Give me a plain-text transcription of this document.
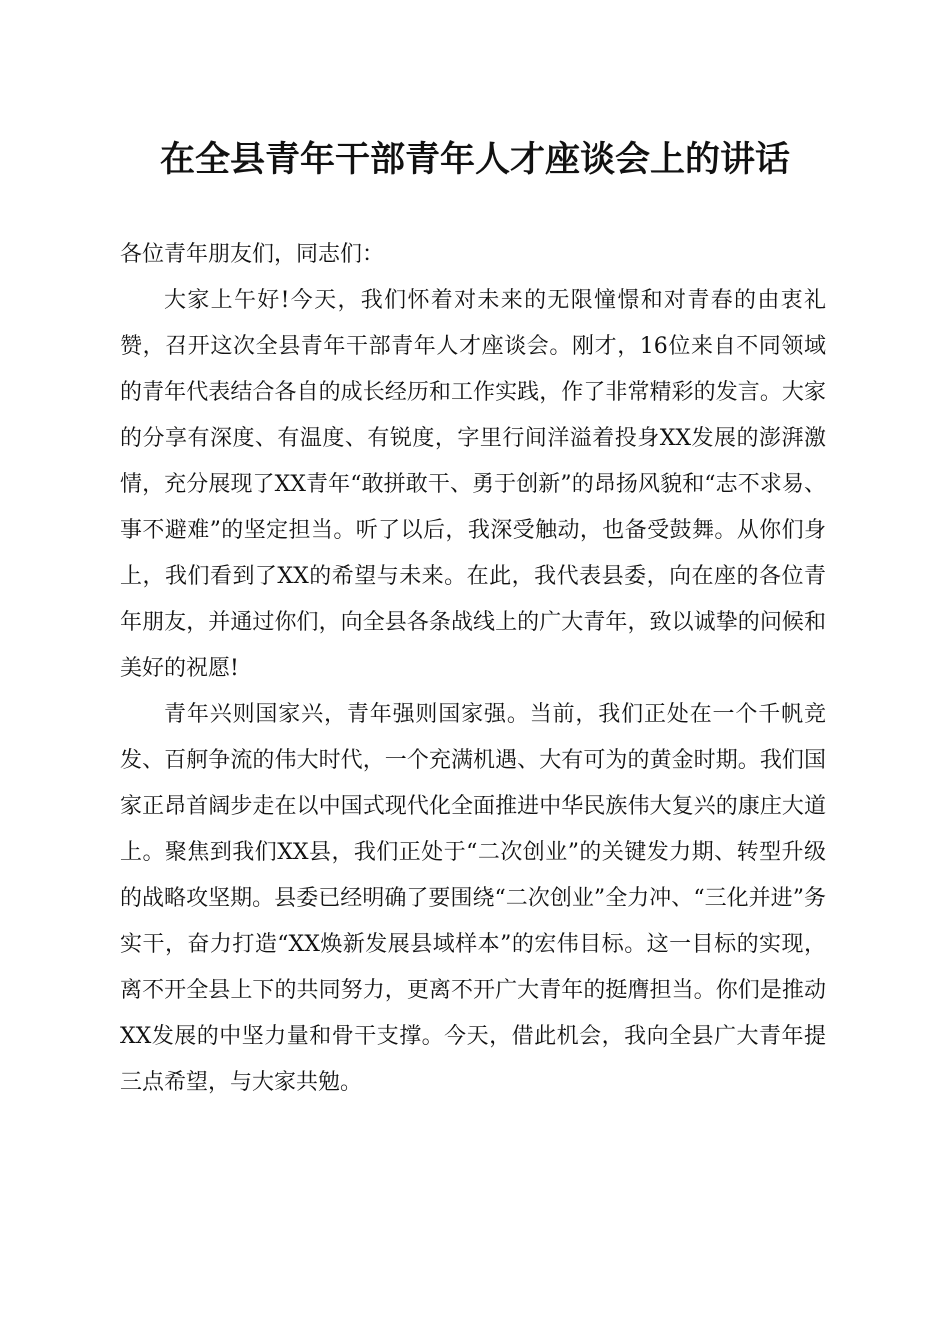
在全县青年干部青年人才座谈会上的讲话

各位青年朋友们，同志们：

大家上午好!今天，我们怀着对未来的无限憧憬和对青春的由衷礼赞，召开这次全县青年干部青年人才座谈会。刚才，16位来自不同领域的青年代表结合各自的成长经历和工作实践，作了非常精彩的发言。大家的分享有深度、有温度、有锐度，字里行间洋溢着投身XX发展的澎湃激情，充分展现了XX青年“敢拼敢干、勇于创新”的昂扬风貌和“志不求易、事不避难”的坚定担当。听了以后，我深受触动，也备受鼓舞。从你们身上，我们看到了XX的希望与未来。在此，我代表县委，向在座的各位青年朋友，并通过你们，向全县各条战线上的广大青年，致以诚挚的问候和美好的祝愿!

青年兴则国家兴，青年强则国家强。当前，我们正处在一个千帆竞发、百舸争流的伟大时代，一个充满机遇、大有可为的黄金时期。我们国家正昂首阔步走在以中国式现代化全面推进中华民族伟大复兴的康庄大道上。聚焦到我们XX县，我们正处于“二次创业”的关键发力期、转型升级的战略攻坚期。县委已经明确了要围绕“二次创业”全力冲、“三化并进”务实干，奋力打造“XX焕新发展县域样本”的宏伟目标。这一目标的实现，离不开全县上下的共同努力，更离不开广大青年的挺膺担当。你们是推动XX发展的中坚力量和骨干支撑。今天，借此机会，我向全县广大青年提三点希望，与大家共勉。
